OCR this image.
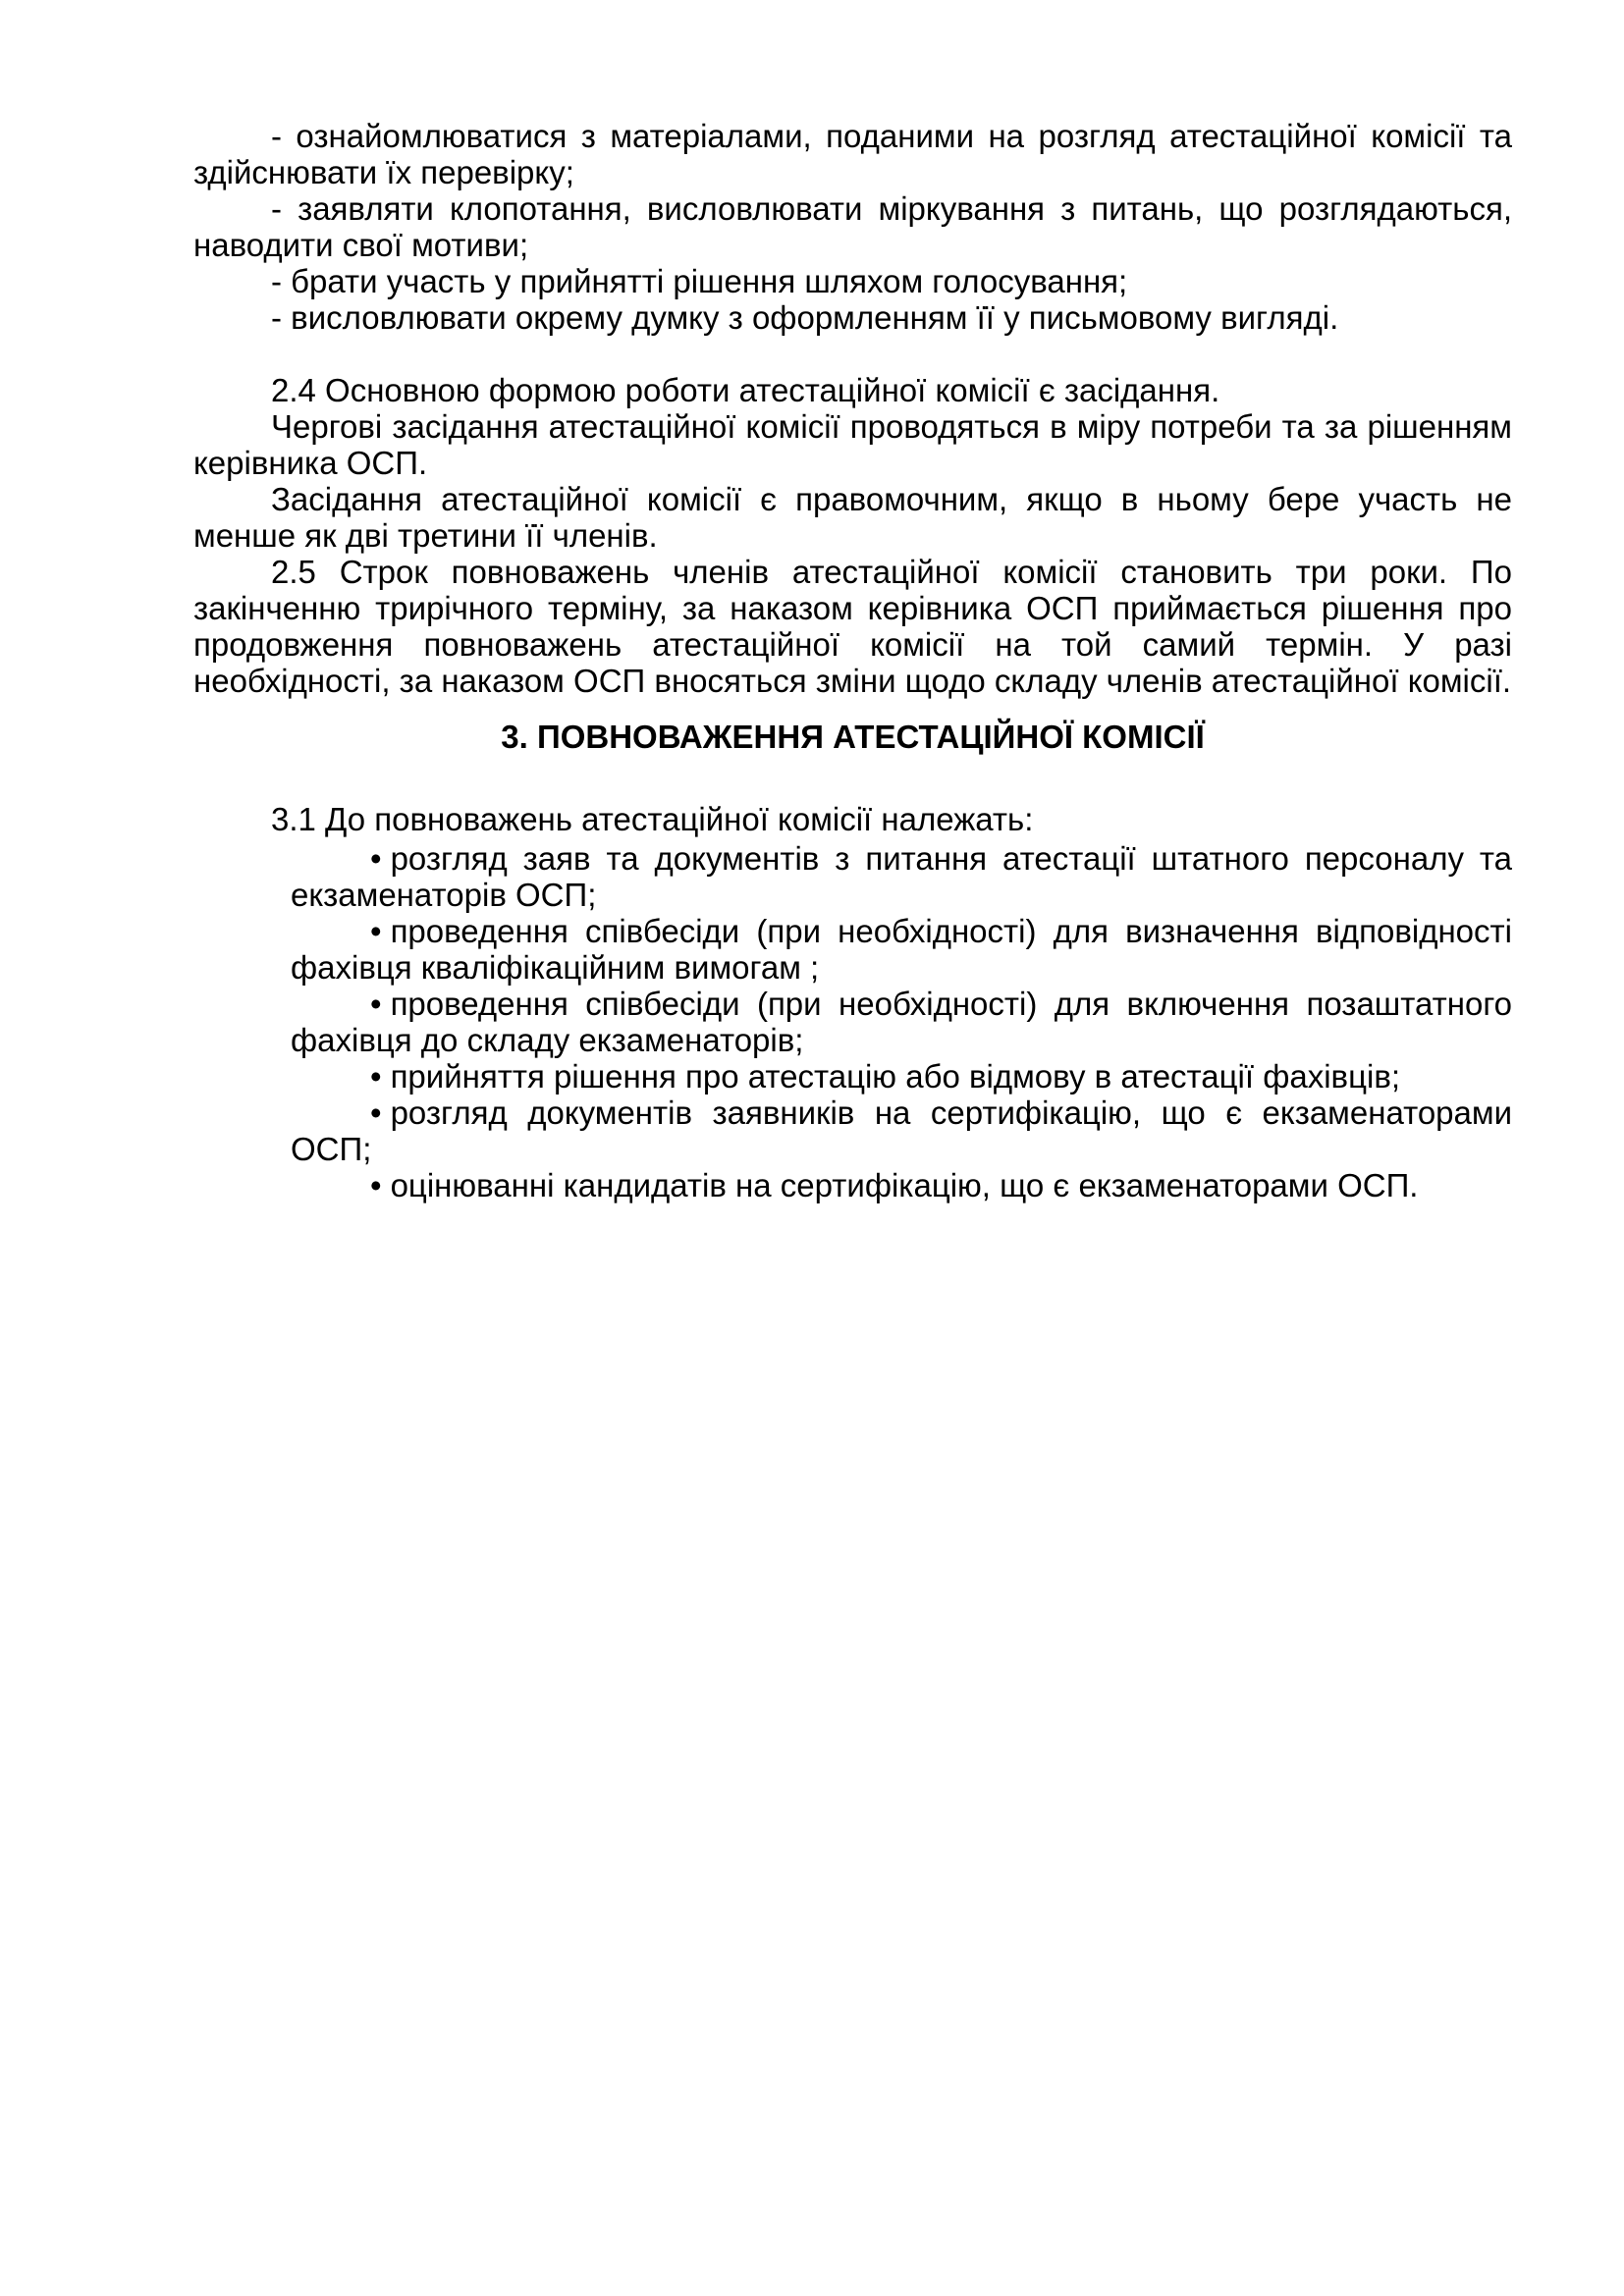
- ознайомлюватися з матеріалами, поданими на розгляд атестаційної комісії та здійснювати їх перевірку;

- заявляти клопотання, висловлювати міркування з питань, що розглядаються, наводити свої мотиви;

- брати участь у прийнятті рішення шляхом голосування;

- висловлювати окрему думку з оформленням її у письмовому вигляді.

2.4 Основною формою роботи атестаційної комісії є засідання.

Чергові засідання атестаційної комісії проводяться в міру потреби та за рішенням керівника ОСП.

Засідання атестаційної комісії є правомочним, якщо в ньому бере участь не менше як дві третини її членів.

2.5 Строк повноважень членів атестаційної комісії становить три роки. По закінченню трирічного терміну, за наказом керівника ОСП приймається рішення про продовження повноважень атестаційної комісії на той самий термін. У разі необхідності, за наказом ОСП вносяться зміни щодо складу членів атестаційної комісії.

3. ПОВНОВАЖЕННЯ АТЕСТАЦІЙНОЇ КОМІСІЇ

3.1 До повноважень атестаційної комісії належать:

• розгляд заяв та документів з питання атестації штатного персоналу та екзаменаторів ОСП;

• проведення співбесіди (при необхідності) для визначення відповідності фахівця кваліфікаційним вимогам ;

• проведення співбесіди (при необхідності) для включення позаштатного фахівця до складу екзаменаторів;

• прийняття рішення про атестацію або відмову в атестації фахівців;

• розгляд документів заявників на сертифікацію, що є екзаменаторами ОСП;

• оцінюванні кандидатів на сертифікацію, що є екзаменаторами ОСП.
